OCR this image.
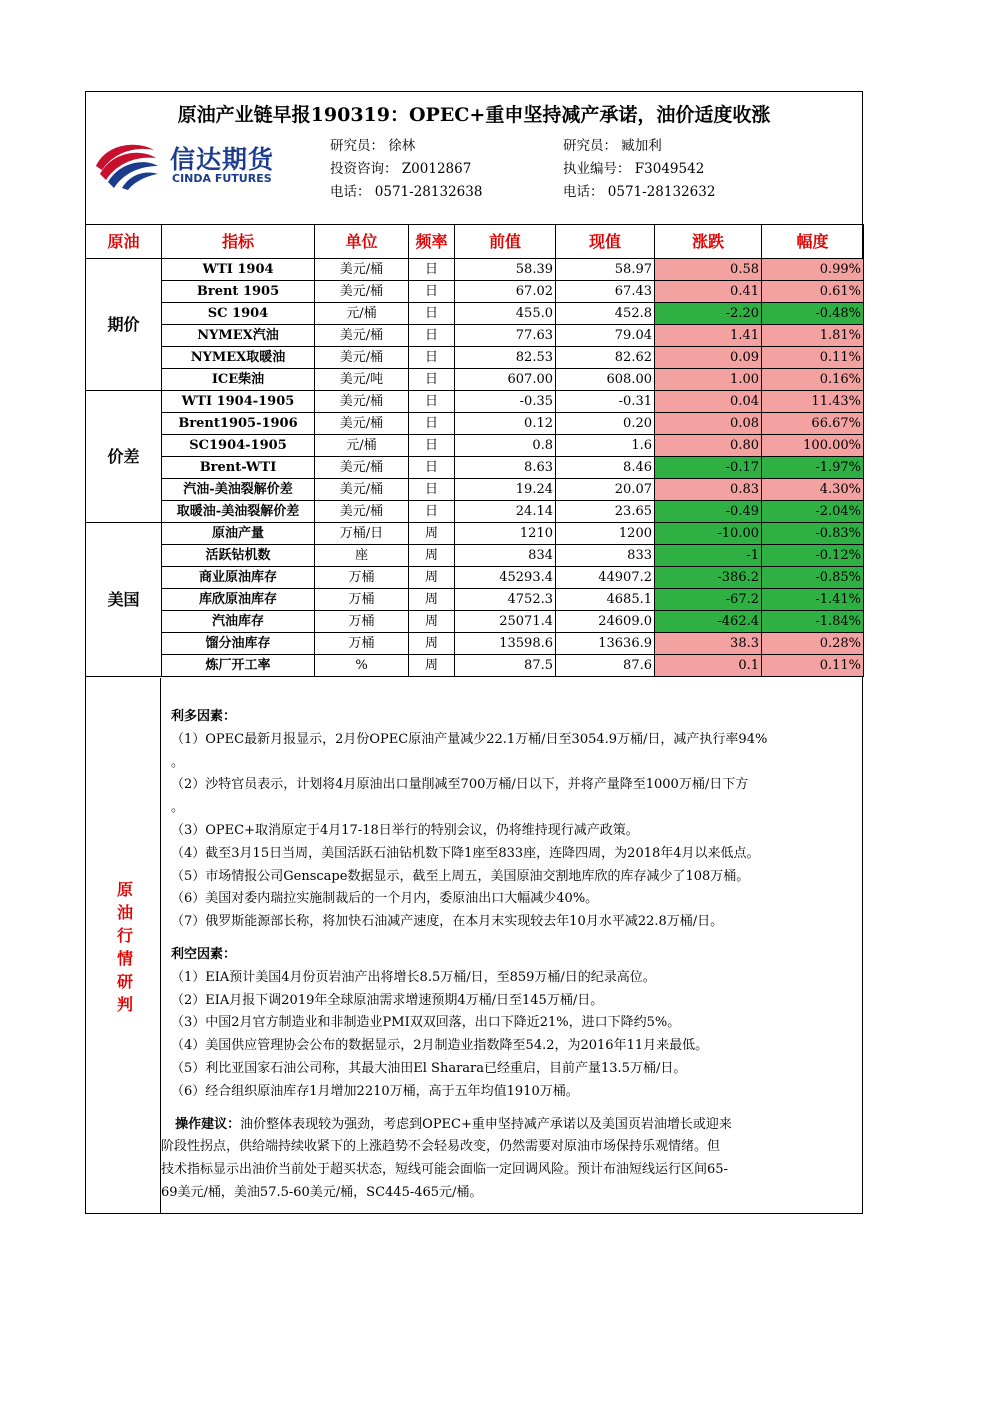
原油产业链早报190319：OPEC+重申坚持减产承诺，油价适度收涨
信达期货
CINDA FUTURES
研究员： 徐林
投资咨询： Z0012867
电话： 0571-28132638
研究员： 臧加利
执业编号： F3049542
电话： 0571-28132632
原油	指标	单位	频率	前值	现值	涨跌	幅度
期价	WTI 1904	美元/桶	日	58.39	58.97	0.58	0.99%
	Brent 1905	美元/桶	日	67.02	67.43	0.41	0.61%
	SC 1904	元/桶	日	455.0	452.8	-2.20	-0.48%
	NYMEX汽油	美元/桶	日	77.63	79.04	1.41	1.81%
	NYMEX取暖油	美元/桶	日	82.53	82.62	0.09	0.11%
	ICE柴油	美元/吨	日	607.00	608.00	1.00	0.16%
价差	WTI 1904-1905	美元/桶	日	-0.35	-0.31	0.04	11.43%
	Brent1905-1906	美元/桶	日	0.12	0.20	0.08	66.67%
	SC1904-1905	元/桶	日	0.8	1.6	0.80	100.00%
	Brent-WTI	美元/桶	日	8.63	8.46	-0.17	-1.97%
	汽油-美油裂解价差	美元/桶	日	19.24	20.07	0.83	4.30%
	取暖油-美油裂解价差	美元/桶	日	24.14	23.65	-0.49	-2.04%
美国	原油产量	万桶/日	周	1210	1200	-10.00	-0.83%
	活跃钻机数	座	周	834	833	-1	-0.12%
	商业原油库存	万桶	周	45293.4	44907.2	-386.2	-0.85%
	库欣原油库存	万桶	周	4752.3	4685.1	-67.2	-1.41%
	汽油库存	万桶	周	25071.4	24609.0	-462.4	-1.84%
	馏分油库存	万桶	周	13598.6	13636.9	38.3	0.28%
	炼厂开工率	%	周	87.5	87.6	0.1	0.11%
原油行情研判
利多因素：
（1）OPEC最新月报显示，2月份OPEC原油产量减少22.1万桶/日至3054.9万桶/日，减产执行率94%
。
（2）沙特官员表示，计划将4月原油出口量削减至700万桶/日以下，并将产量降至1000万桶/日下方
。
（3）OPEC+取消原定于4月17-18日举行的特别会议，仍将维持现行减产政策。
（4）截至3月15日当周，美国活跃石油钻机数下降1座至833座，连降四周，为2018年4月以来低点。
（5）市场情报公司Genscape数据显示，截至上周五，美国原油交割地库欣的库存减少了108万桶。
（6）美国对委内瑞拉实施制裁后的一个月内，委原油出口大幅减少40%。
（7）俄罗斯能源部长称，将加快石油减产速度，在本月末实现较去年10月水平减22.8万桶/日。
利空因素：
（1）EIA预计美国4月份页岩油产出将增长8.5万桶/日，至859万桶/日的纪录高位。
（2）EIA月报下调2019年全球原油需求增速预期4万桶/日至145万桶/日。
（3）中国2月官方制造业和非制造业PMI双双回落，出口下降近21%，进口下降约5%。
（4）美国供应管理协会公布的数据显示，2月制造业指数降至54.2，为2016年11月来最低。
（5）利比亚国家石油公司称，其最大油田El Sharara已经重启，目前产量13.5万桶/日。
（6）经合组织原油库存1月增加2210万桶，高于五年均值1910万桶。
操作建议：油价整体表现较为强劲，考虑到OPEC+重申坚持减产承诺以及美国页岩油增长或迎来
阶段性拐点，供给端持续收紧下的上涨趋势不会轻易改变，仍然需要对原油市场保持乐观情绪。但
技术指标显示出油价当前处于超买状态，短线可能会面临一定回调风险。预计布油短线运行区间65-
69美元/桶，美油57.5-60美元/桶，SC445-465元/桶。
